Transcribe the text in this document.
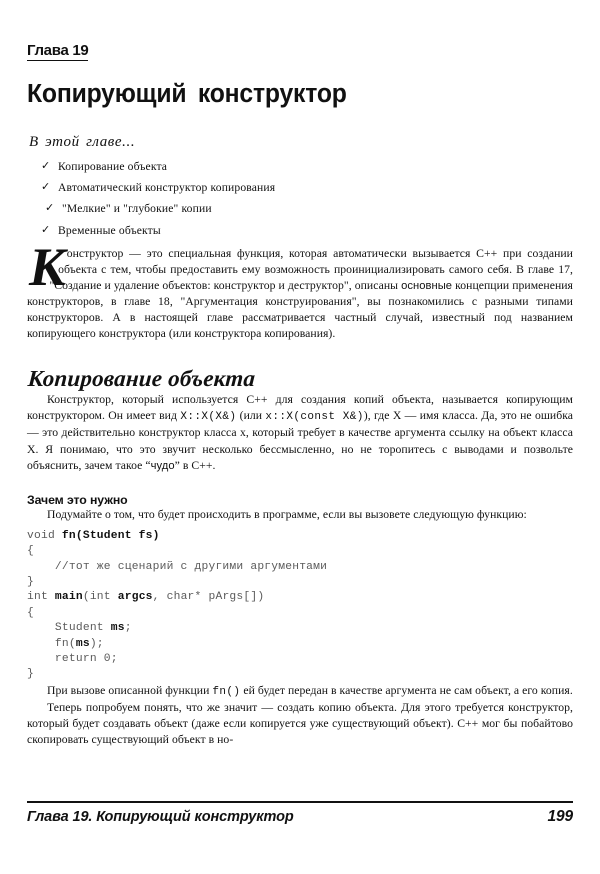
Глава 19
Копирующий конструктор
В этой главе...
✓ Копирование объекта
✓ Автоматический конструктор копирования
✓ "Мелкие" и "глубокие" копии
✓ Временные объекты

Конструктор — это специальная функция, которая автоматически вызывается С++ при создании объекта с тем, чтобы предоставить ему возможность проинициализировать самого себя. В главе 17, "Создание и удаление объектов: конструктор и деструктор", описаны основные концепции применения конструкторов, в главе 18, "Аргументация конструирования", вы познакомились с разными типами конструкторов. А в настоящей главе рассматривается частный случай, известный под названием копирующего конструктора (или конструктора копирования).

Копирование объекта

Конструктор, который используется С++ для создания копий объекта, называется копирующим конструктором. Он имеет вид X::X(X&) (или x::X(const X&)), где X — имя класса. Да, это не ошибка — это действительно конструктор класса x, который требует в качестве аргумента ссылку на объект класса X. Я понимаю, что это звучит несколько бессмысленно, но не торопитесь с выводами и позвольте объяснить, зачем такое “чудо” в С++.

Зачем это нужно

Подумайте о том, что будет происходить в программе, если вы вызовете следующую функцию:

void fn(Student fs)
{
//тот же сценарий с другими аргументами
}
int main(int argcs, char* pArgs[])
{
Student ms;
fn(ms);
return 0;
}

При вызове описанной функции fn() ей будет передан в качестве аргумента не сам объект, а его копия.

Теперь попробуем понять, что же значит — создать копию объекта. Для этого требуется конструктор, который будет создавать объект (даже если копируется уже существующий объект). С++ мог бы побайтово скопировать существующий объект в но-

Глава 19. Копирующий конструктор	199
